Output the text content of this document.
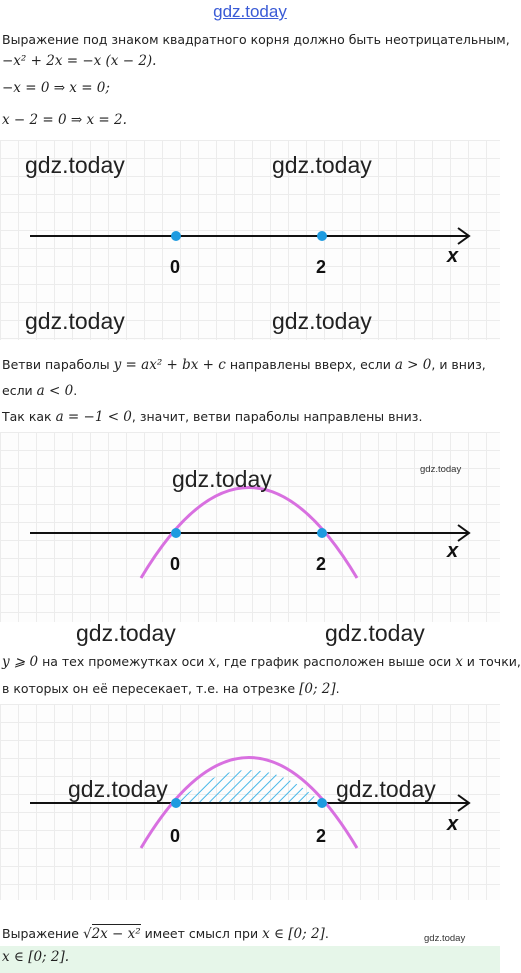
gdz.today
Выражение под знаком квадратного корня должно быть неотрицательным,
−x² + 2x = −x (x − 2).
−x = 0 ⇒ x = 0;
x − 2 = 0 ⇒ x = 2.
0	2	x
gdz.today	gdz.today
gdz.today	gdz.today
Ветви параболы y = ax² + bx + c направлены вверх, если a > 0, и вниз,
если a < 0.
Так как a = −1 < 0, значит, ветви параболы направлены вниз.
0	2
x
gdz.today	gdz.today
gdz.today	gdz.today
y ⩾ 0 на тех промежутках оси x, где график расположен выше оси x и точки,
в которых он её пересекает, т.е. на отрезке [0; 2].
0	2
x
gdz.today	gdz.today
Выражение √2x − x² имеет смысл при x ∈ [0; 2].	gdz.today
x ∈ [0; 2].
